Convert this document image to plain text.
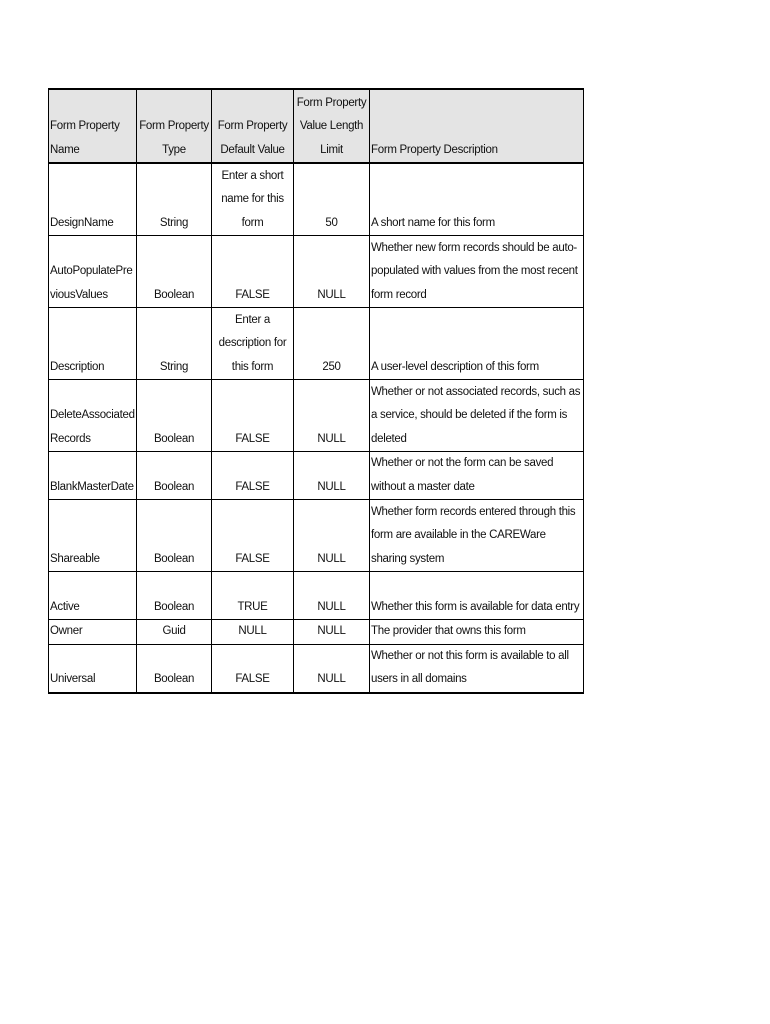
Form Property Name	Form Property Type	Form Property Default Value	Form Property Value Length Limit	Form Property Description
DesignName	String	Enter a short name for this form	50	A short name for this form
AutoPopulatePreviousValues	Boolean	FALSE	NULL	Whether new form records should be auto-populated with values from the most recent form record
Description	String	Enter a description for this form	250	A user-level description of this form
DeleteAssociatedRecords	Boolean	FALSE	NULL	Whether or not associated records, such as a service, should be deleted if the form is deleted
BlankMasterDate	Boolean	FALSE	NULL	Whether or not the form can be saved without a master date
Shareable	Boolean	FALSE	NULL	Whether form records entered through this form are available in the CAREWare sharing system
Active	Boolean	TRUE	NULL	Whether this form is available for data entry
Owner	Guid	NULL	NULL	The provider that owns this form
Universal	Boolean	FALSE	NULL	Whether or not this form is available to all users in all domains
